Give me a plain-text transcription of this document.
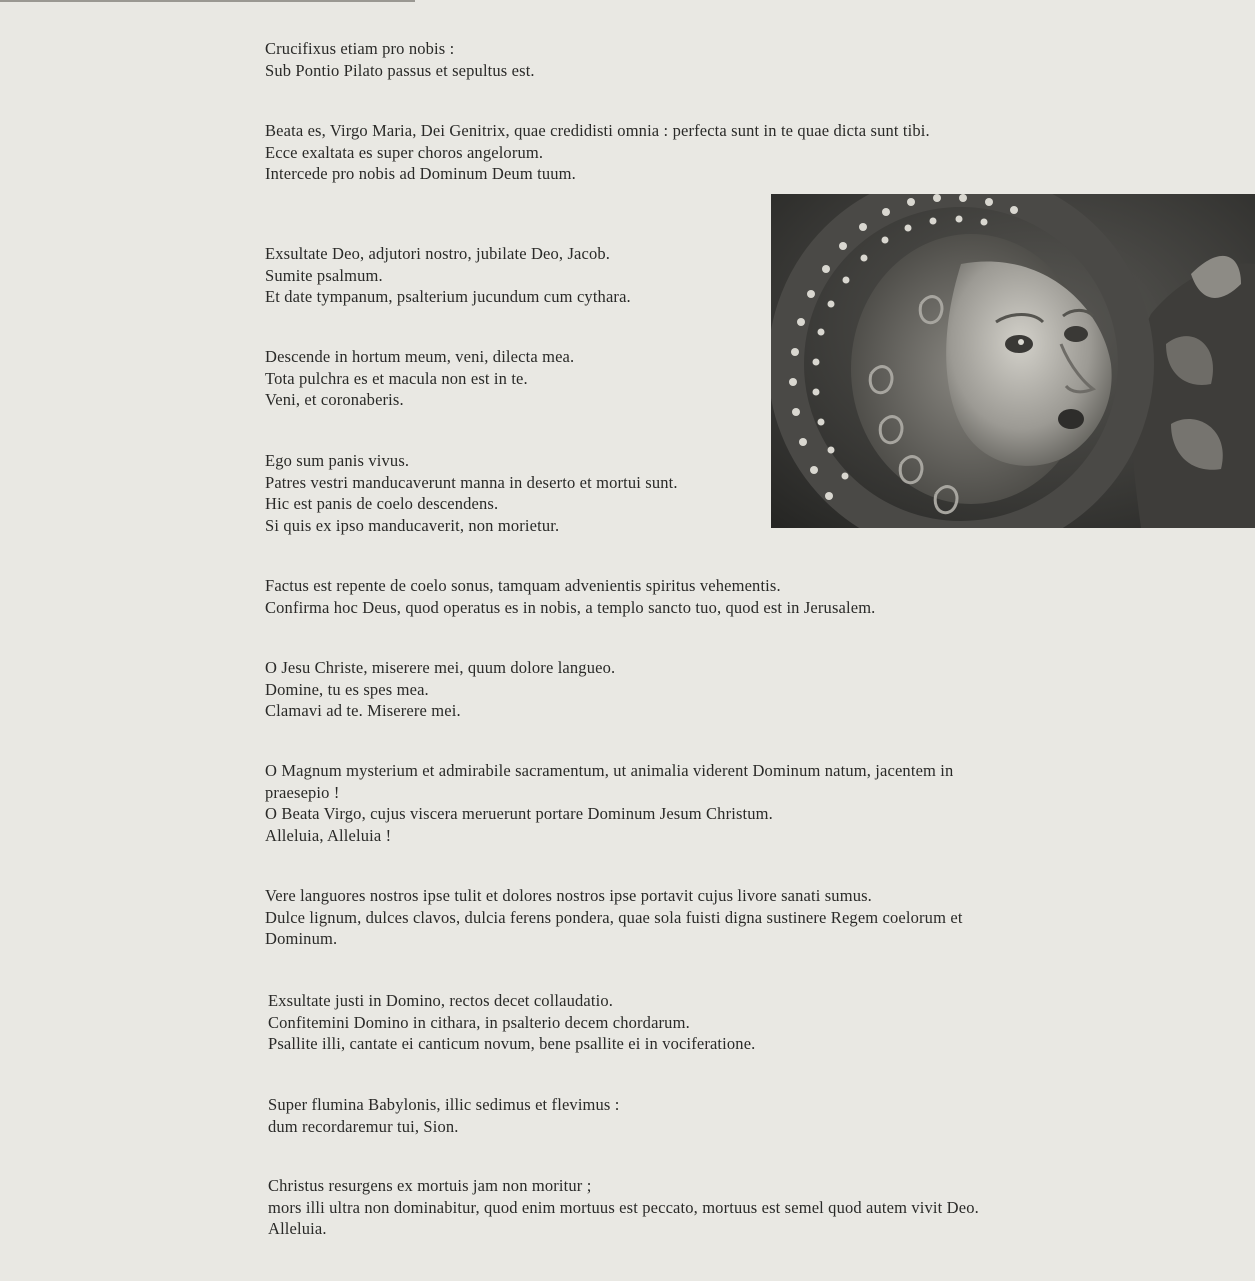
Crucifixus etiam pro nobis :
Sub Pontio Pilato passus et sepultus est.
Beata es, Virgo Maria, Dei Genitrix, quae credidisti omnia : perfecta sunt in te quae dicta sunt tibi.
Ecce exaltata es super choros angelorum.
Intercede pro nobis ad Dominum Deum tuum.
Exsultate Deo, adjutori nostro, jubilate Deo, Jacob.
Sumite psalmum.
Et date tympanum, psalterium jucundum cum cythara.
Descende in hortum meum, veni, dilecta mea.
Tota pulchra es et macula non est in te.
Veni, et coronaberis.
Ego sum panis vivus.
Patres vestri manducaverunt manna in deserto et mortui sunt.
Hic est panis de coelo descendens.
Si quis ex ipso manducaverit, non morietur.
Factus est repente de coelo sonus, tamquam advenientis spiritus vehementis.
Confirma hoc Deus, quod operatus es in nobis, a templo sancto tuo, quod est in Jerusalem.
O Jesu Christe, miserere mei, quum dolore langueo.
Domine, tu es spes mea.
Clamavi ad te. Miserere mei.
O Magnum mysterium et admirabile sacramentum, ut animalia viderent Dominum natum, jacentem in praesepio !
O Beata Virgo, cujus viscera meruerunt portare Dominum Jesum Christum.
Alleluia, Alleluia !
Vere languores nostros ipse tulit et dolores nostros ipse portavit cujus livore sanati sumus.
Dulce lignum, dulces clavos, dulcia ferens pondera, quae sola fuisti digna sustinere Regem coelorum et Dominum.
Exsultate justi in Domino, rectos decet collaudatio.
Confitemini Domino in cithara, in psalterio decem chordarum.
Psallite illi, cantate ei canticum novum, bene psallite ei in vociferatione.
Super flumina Babylonis, illic sedimus et flevimus :
dum recordaremur tui, Sion.
Christus resurgens ex mortuis jam non moritur ;
mors illi ultra non dominabitur, quod enim mortuus est peccato, mortuus est semel quod autem vivit Deo.
Alleluia.
